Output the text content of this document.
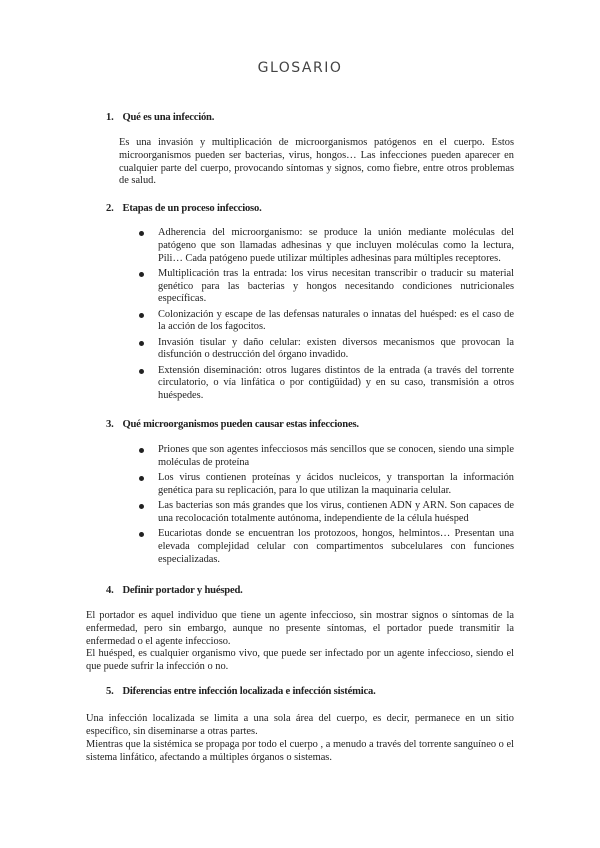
GLOSARIO
1. Qué es una infección.
Es una invasión y multiplicación de microorganismos patógenos en el cuerpo. Estos microorganismos pueden ser bacterias, virus, hongos… Las infecciones pueden aparecer en cualquier parte del cuerpo, provocando síntomas y signos, como fiebre, entre otros problemas de salud.
2. Etapas de un proceso infeccioso.
Adherencia del microorganismo: se produce la unión mediante moléculas del patógeno que son llamadas adhesinas y que incluyen moléculas como la lectura, Pili… Cada patógeno puede utilizar múltiples adhesinas para múltiples receptores.
Multiplicación tras la entrada: los virus necesitan transcribir o traducir su material genético para las bacterias y hongos necesitando condiciones nutricionales específicas.
Colonización y escape de las defensas naturales o innatas del huésped: es el caso de la acción de los fagocitos.
Invasión tisular y daño celular: existen diversos mecanismos que provocan la disfunción o destrucción del órgano invadido.
Extensión diseminación: otros lugares distintos de la entrada (a través del torrente circulatorio, o vía linfática o por contigüidad) y en su caso, transmisión a otros huéspedes.
3. Qué microorganismos pueden causar estas infecciones.
Priones que son agentes infecciosos más sencillos que se conocen, siendo una simple moléculas de proteína
Los virus contienen proteínas y ácidos nucleicos, y transportan la información genética para su replicación, para lo que utilizan la maquinaria celular.
Las bacterias son más grandes que los virus, contienen ADN y ARN. Son capaces de una recolocación totalmente autónoma, independiente de la célula huésped
Eucariotas donde se encuentran los protozoos, hongos, helmintos… Presentan una elevada complejidad celular con compartimentos subcelulares con funciones especializadas.
4. Definir portador y huésped.
El portador es aquel individuo que tiene un agente infeccioso, sin mostrar signos o síntomas de la enfermedad, pero sin embargo, aunque no presente síntomas, el portador puede transmitir la enfermedad o el agente infeccioso.
El huésped, es cualquier organismo vivo, que puede ser infectado por un agente infeccioso, siendo el que puede sufrir la infección o no.
5. Diferencias entre infección localizada e infección sistémica.
Una infección localizada se limita a una sola área del cuerpo, es decir, permanece en un sitio específico, sin diseminarse a otras partes.
Mientras que la sistémica se propaga por todo el cuerpo , a menudo a través del torrente sanguíneo o el sistema linfático, afectando a múltiples órganos o sistemas.
